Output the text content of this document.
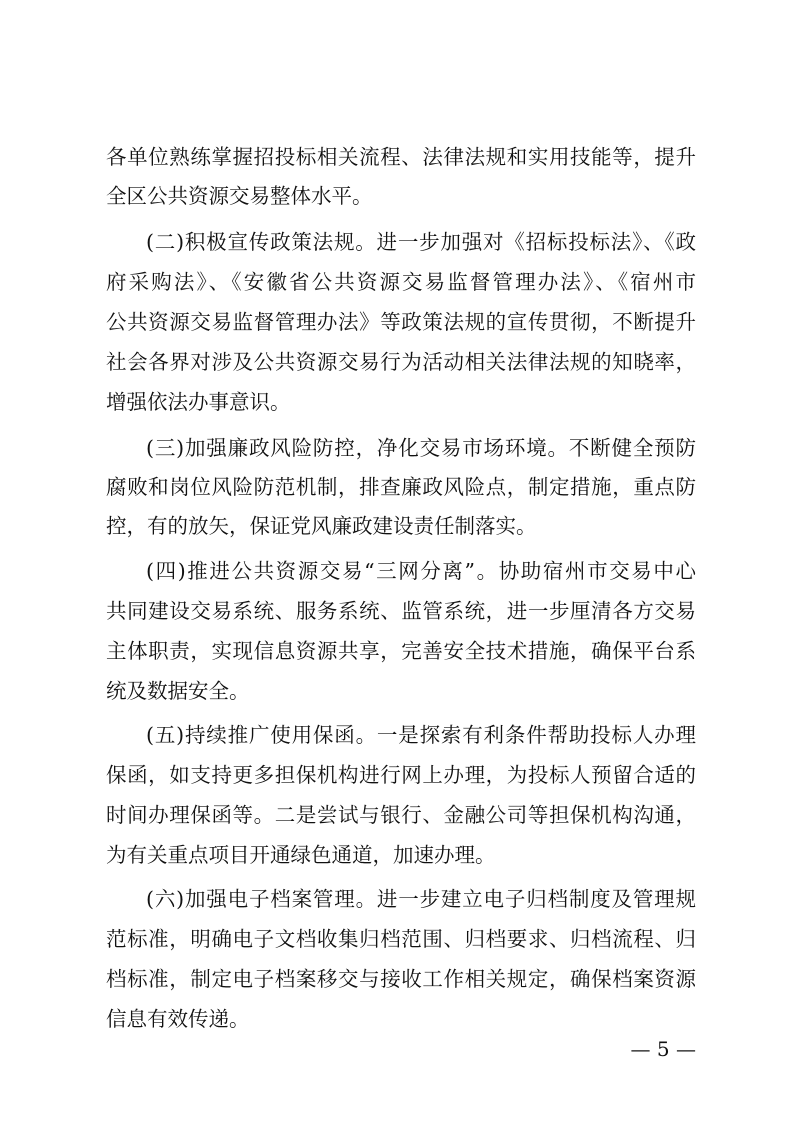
各单位熟练掌握招投标相关流程、法律法规和实用技能等，提升
全区公共资源交易整体水平。
(二)积极宣传政策法规。进一步加强对《招标投标法》、《政
府采购法》、《安徽省公共资源交易监督管理办法》、《宿州市
公共资源交易监督管理办法》等政策法规的宣传贯彻，不断提升
社会各界对涉及公共资源交易行为活动相关法律法规的知晓率，
增强依法办事意识。
(三)加强廉政风险防控，净化交易市场环境。不断健全预防
腐败和岗位风险防范机制，排查廉政风险点，制定措施，重点防
控，有的放矢，保证党风廉政建设责任制落实。
(四)推进公共资源交易“三网分离”。协助宿州市交易中心
共同建设交易系统、服务系统、监管系统，进一步厘清各方交易
主体职责，实现信息资源共享，完善安全技术措施，确保平台系
统及数据安全。
(五)持续推广使用保函。一是探索有利条件帮助投标人办理
保函，如支持更多担保机构进行网上办理，为投标人预留合适的
时间办理保函等。二是尝试与银行、金融公司等担保机构沟通，
为有关重点项目开通绿色通道，加速办理。
(六)加强电子档案管理。进一步建立电子归档制度及管理规
范标准，明确电子文档收集归档范围、归档要求、归档流程、归
档标准，制定电子档案移交与接收工作相关规定，确保档案资源
信息有效传递。
— 5 —
